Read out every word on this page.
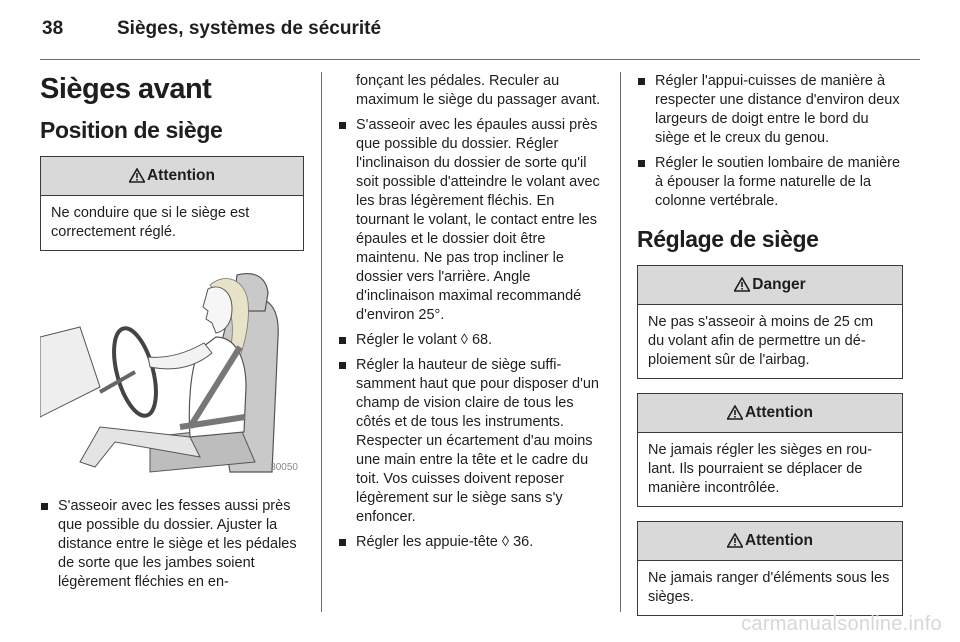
38	Sièges, systèmes de sécurité
Sièges avant
Position de siège
Attention
Ne conduire que si le siège est correctement réglé.
30050
S'asseoir avec les fesses aussi près que possible du dossier. Ajuster la distance entre le siège et les pédales de sorte que les jambes soient légèrement fléchies en en-
fonçant les pédales. Reculer au maximum le siège du passager avant.
S'asseoir avec les épaules aussi près que possible du dossier. Régler l'inclinaison du dossier de sorte qu'il soit possible d'atteindre le volant avec les bras légèrement fléchis. En tournant le volant, le contact entre les épaules et le dossier doit être maintenu. Ne pas trop incliner le dossier vers l'arrière. Angle d'inclinaison maximal recommandé d'environ 25°.
Régler le volant ◊ 68.
Régler la hauteur de siège suffisamment haut que pour disposer d'un champ de vision claire de tous les côtés et de tous les instruments. Respecter un écartement d'au moins une main entre la tête et le cadre du toit. Vos cuisses doivent reposer légèrement sur le siège sans s'y enfoncer.
Régler les appuie-tête ◊ 36.
Régler l'appui-cuisses de manière à respecter une distance d'environ deux largeurs de doigt entre le bord du siège et le creux du genou.
Régler le soutien lombaire de manière à épouser la forme naturelle de la colonne vertébrale.
Réglage de siège
Danger
Ne pas s'asseoir à moins de 25 cm du volant afin de permettre un déploiement sûr de l'airbag.
Attention
Ne jamais régler les sièges en roulant. Ils pourraient se déplacer de manière incontrôlée.
Attention
Ne jamais ranger d'éléments sous les sièges.
carmanualsonline.info
